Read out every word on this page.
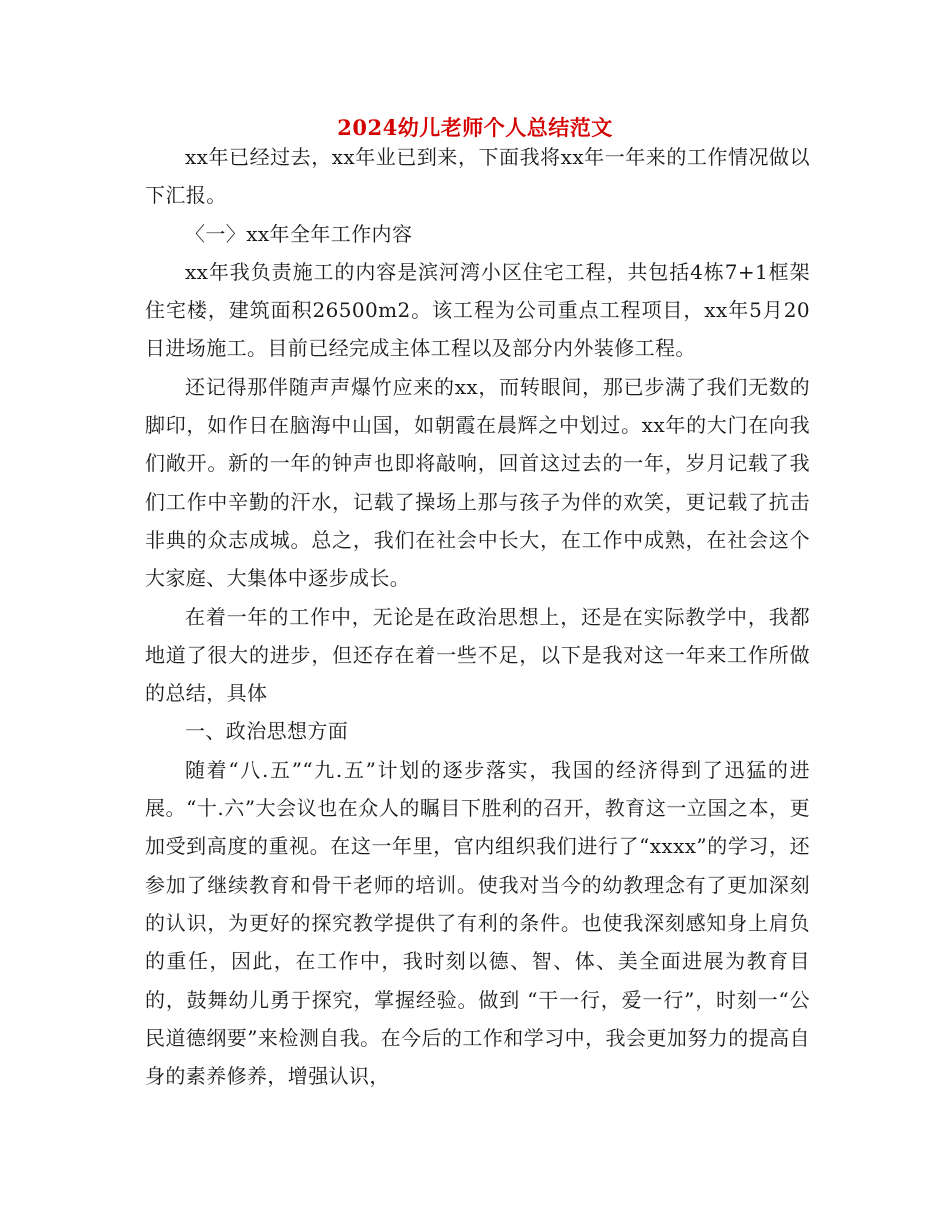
2024幼儿老师个人总结范文

xx年已经过去，xx年业已到来，下面我将xx年一年来的工作情况做以下汇报。

〈一〉xx年全年工作内容

xx年我负责施工的内容是滨河湾小区住宅工程，共包括4栋7+1框架住宅楼，建筑面积26500m2。该工程为公司重点工程项目，xx年5月20日进场施工。目前已经完成主体工程以及部分内外装修工程。

还记得那伴随声声爆竹应来的xx，而转眼间，那已步满了我们无数的脚印，如作日在脑海中山国，如朝霞在晨辉之中划过。xx年的大门在向我们敞开。新的一年的钟声也即将敲响，回首这过去的一年，岁月记载了我们工作中辛勤的汗水，记载了操场上那与孩子为伴的欢笑，更记载了抗击非典的众志成城。总之，我们在社会中长大，在工作中成熟，在社会这个大家庭、大集体中逐步成长。

在着一年的工作中，无论是在政治思想上，还是在实际教学中，我都地道了很大的进步，但还存在着一些不足，以下是我对这一年来工作所做的总结，具体

一、政治思想方面

随着“八.五”“九.五”计划的逐步落实，我国的经济得到了迅猛的进展。“十.六”大会议也在众人的瞩目下胜利的召开，教育这一立国之本，更加受到高度的重视。在这一年里，官内组织我们进行了“xxxx”的学习，还参加了继续教育和骨干老师的培训。使我对当今的幼教理念有了更加深刻的认识，为更好的探究教学提供了有利的条件。也使我深刻感知身上肩负的重任，因此，在工作中，我时刻以德、智、体、美全面进展为教育目的，鼓舞幼儿勇于探究，掌握经验。做到 “干一行，爱一行”，时刻一“公民道德纲要”来检测自我。在今后的工作和学习中，我会更加努力的提高自身的素养修养，增强认识，
